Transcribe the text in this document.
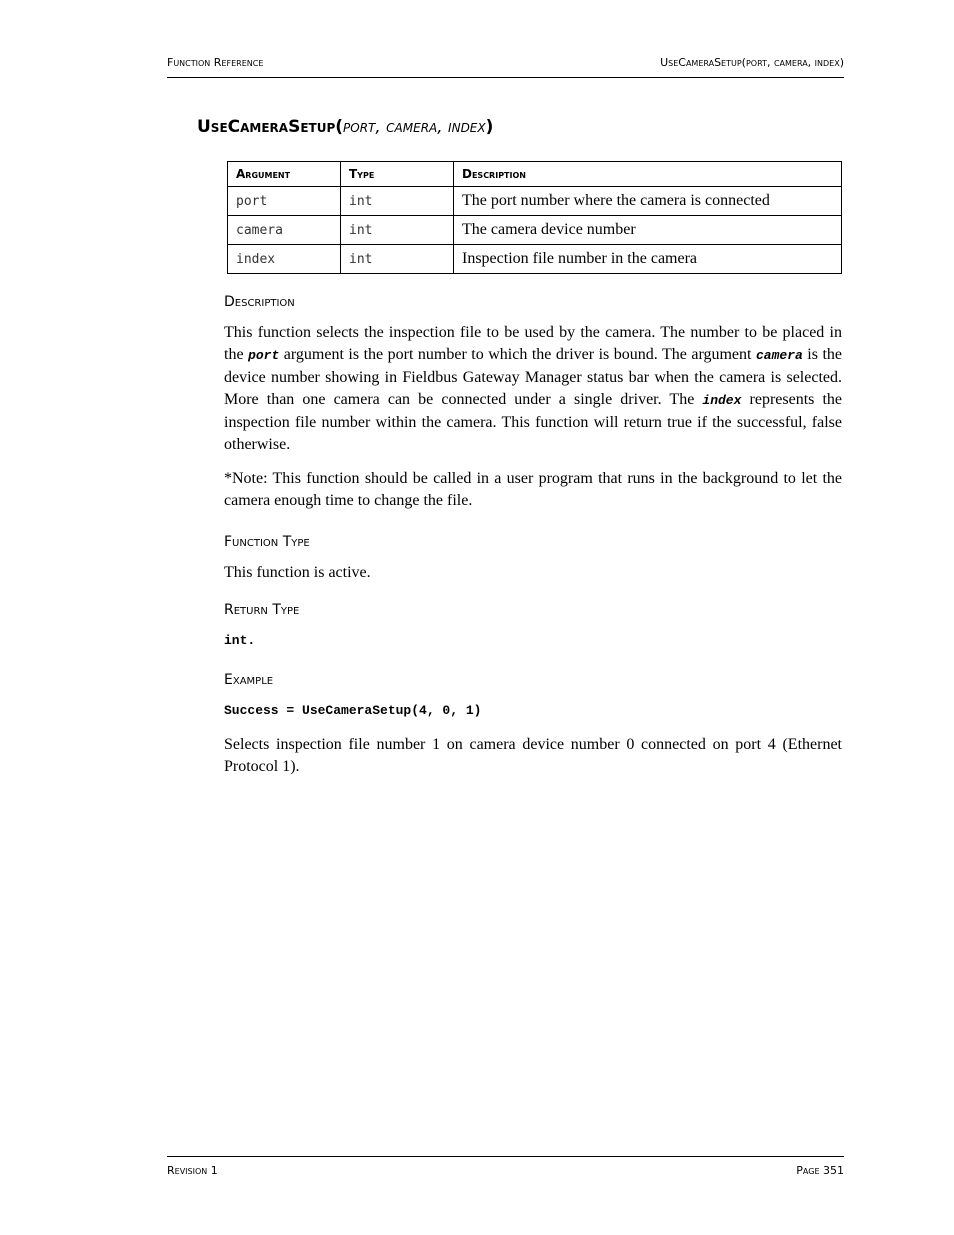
Function Reference	UseCameraSetup(port, camera, index)
UseCameraSetup(port, camera, index)
Argument	Type	Description
port	int	The port number where the camera is connected
camera	int	The camera device number
index	int	Inspection file number in the camera
Description

This function selects the inspection file to be used by the camera. The number to be placed in the port argument is the port number to which the driver is bound. The argument camera is the device number showing in Fieldbus Gateway Manager status bar when the camera is selected. More than one camera can be connected under a single driver. The index represents the inspection file number within the camera. This function will return true if the successful, false otherwise.

*Note: This function should be called in a user program that runs in the background to let the camera enough time to change the file.

Function Type

This function is active.

Return Type
int.
Example
Success = UseCameraSetup(4, 0, 1)

Selects inspection file number 1 on camera device number 0 connected on port 4 (Ethernet Protocol 1).

Revision 1	Page 351
